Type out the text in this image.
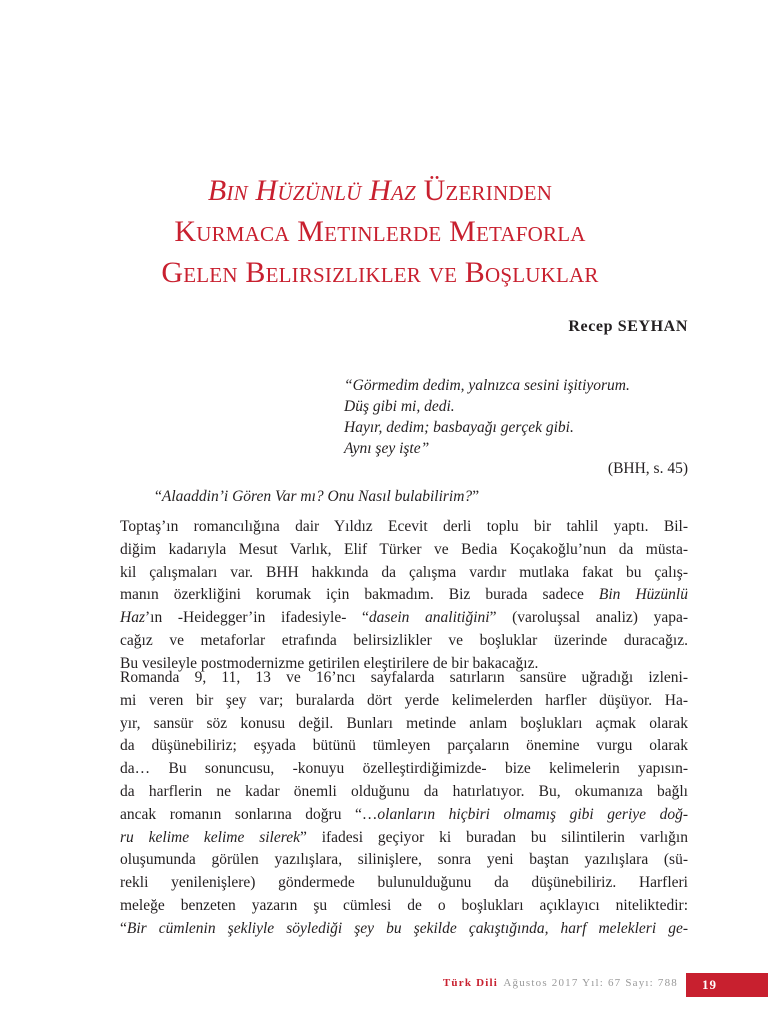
Bin Hüzünlü Haz Üzerinden
Kurmaca Metinlerde Metaforla
Gelen Belirsizlikler ve Boşluklar
Recep SEYHAN
“Görmedim dedim, yalnızca sesini işitiyorum.
Düş gibi mi, dedi.
Hayır, dedim; basbayağı gerçek gibi.
Aynı şey işte”
(BHH, s. 45)
“Alaaddin’i Gören Var mı? Onu Nasıl bulabilirim?”
Toptaş’ın romancılığına dair Yıldız Ecevit derli toplu bir tahlil yaptı. Bil-
diğim kadarıyla Mesut Varlık, Elif Türker ve Bedia Koçakoğlu’nun da müsta-
kil çalışmaları var. BHH hakkında da çalışma vardır mutlaka fakat bu çalış-
manın özerkliğini korumak için bakmadım. Biz burada sadece Bin Hüzünlü
Haz’ın -Heidegger’in ifadesiyle- “dasein analitiğini” (varoluşsal analiz) yapa-
cağız ve metaforlar etrafında belirsizlikler ve boşluklar üzerinde duracağız.
Bu vesileyle postmodernizme getirilen eleştirilere de bir bakacağız.
Romanda 9, 11, 13 ve 16’ncı sayfalarda satırların sansüre uğradığı izleni-
mi veren bir şey var; buralarda dört yerde kelimelerden harfler düşüyor. Ha-
yır, sansür söz konusu değil. Bunları metinde anlam boşlukları açmak olarak
da düşünebiliriz; eşyada bütünü tümleyen parçaların önemine vurgu olarak
da… Bu sonuncusu, -konuyu özelleştirdiğimizde- bize kelimelerin yapısın-
da harflerin ne kadar önemli olduğunu da hatırlatıyor. Bu, okumanıza bağlı
ancak romanın sonlarına doğru “…olanların hiçbiri olmamış gibi geriye doğ-
ru kelime kelime silerek” ifadesi geçiyor ki buradan bu silintilerin varlığın
oluşumunda görülen yazılışlara, silinişlere, sonra yeni baştan yazılışlara (sü-
rekli yenilenişlere) göndermede bulunulduğunu da düşünebiliriz. Harfleri
meleğe benzeten yazarın şu cümlesi de o boşlukları açıklayıcı niteliktedir:
“Bir cümlenin şekliyle söylediği şey bu şekilde çakıştığında, harf melekleri ge-
Türk Dili Ağustos 2017 Yıl: 67 Sayı: 788	19
